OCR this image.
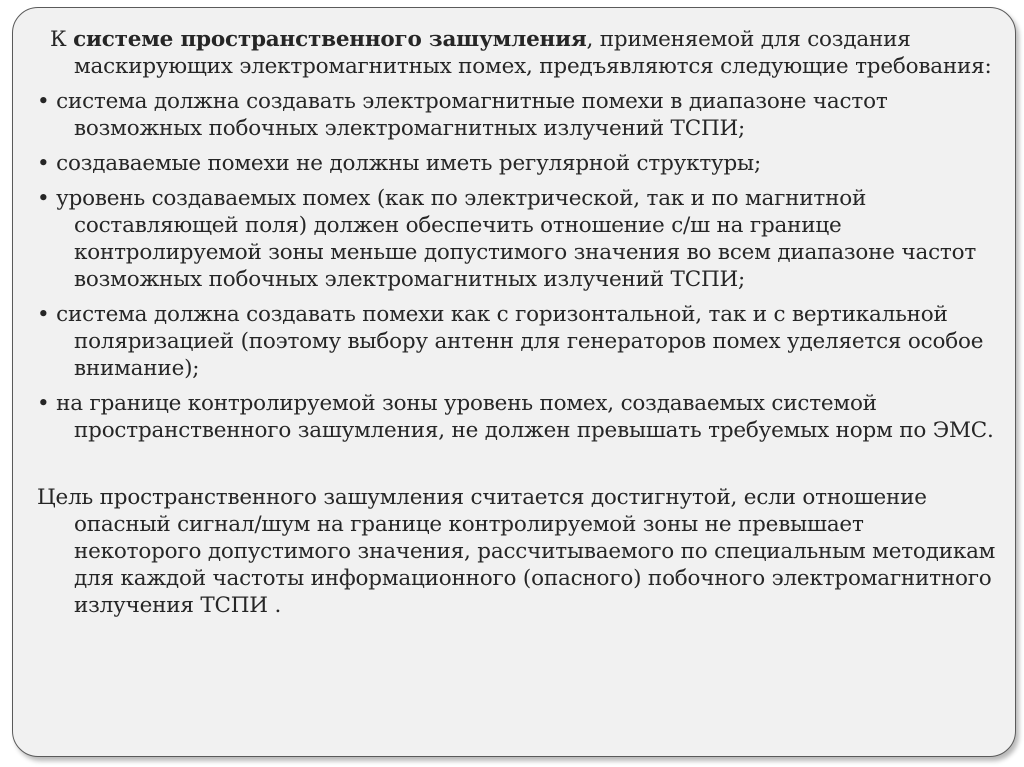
К системе пространственного зашумления, применяемой для создания маскирующих электромагнитных помех, предъявляются следующие требования:

• система должна создавать электромагнитные помехи в диапазоне частот возможных побочных электромагнитных излучений ТСПИ;

• создаваемые помехи не должны иметь регулярной структуры;

• уровень создаваемых помех (как по электрической, так и по магнитной составляющей поля) должен обеспечить отношение с/ш на границе контролируемой зоны меньше допустимого значения во всем диапазоне частот возможных побочных электромагнитных излучений ТСПИ;

• система должна создавать помехи как с горизонтальной, так и с вертикальной поляризацией (поэтому выбору антенн для генераторов помех уделяется особое внимание);

• на границе контролируемой зоны уровень помех, создаваемых системой пространственного зашумления, не должен превышать требуемых норм по ЭМС.

Цель пространственного зашумления считается достигнутой, если отношение опасный сигнал/шум на границе контролируемой зоны не превышает некоторого допустимого значения, рассчитываемого по специальным методикам для каждой частоты информационного (опасного) побочного электромагнитного излучения ТСПИ .
